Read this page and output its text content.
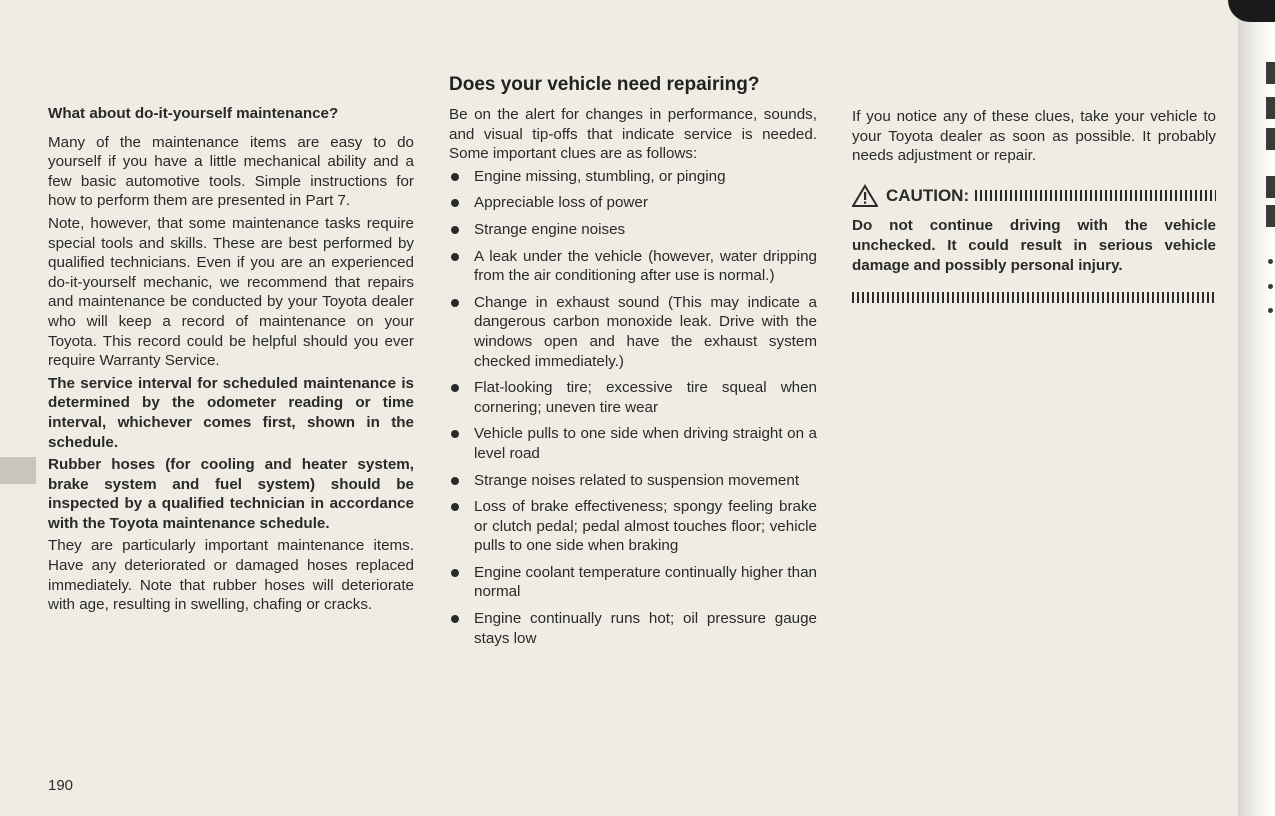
What about do-it-yourself maintenance?

Many of the maintenance items are easy to do yourself if you have a little mechanical ability and a few basic automotive tools. Simple instructions for how to perform them are presented in Part 7.

Note, however, that some maintenance tasks require special tools and skills. These are best performed by qualified technicians. Even if you are an experienced do-it-yourself mechanic, we recommend that repairs and maintenance be conducted by your Toyota dealer who will keep a record of maintenance on your Toyota. This record could be helpful should you ever require Warranty Service.

The service interval for scheduled maintenance is determined by the odometer reading or time interval, whichever comes first, shown in the schedule.

Rubber hoses (for cooling and heater system, brake system and fuel system) should be inspected by a qualified technician in accordance with the Toyota maintenance schedule.

They are particularly important maintenance items. Have any deteriorated or damaged hoses replaced immediately. Note that rubber hoses will deteriorate with age, resulting in swelling, chafing or cracks.

Does your vehicle need repairing?

Be on the alert for changes in performance, sounds, and visual tip-offs that indicate service is needed. Some important clues are as follows:

Engine missing, stumbling, or pinging
Appreciable loss of power
Strange engine noises
A leak under the vehicle (however, water dripping from the air conditioning after use is normal.)
Change in exhaust sound (This may indicate a dangerous carbon monoxide leak. Drive with the windows open and have the exhaust system checked immediately.)
Flat-looking tire; excessive tire squeal when cornering; uneven tire wear
Vehicle pulls to one side when driving straight on a level road
Strange noises related to suspension movement
Loss of brake effectiveness; spongy feeling brake or clutch pedal; pedal almost touches floor; vehicle pulls to one side when braking
Engine coolant temperature continually higher than normal
Engine continually runs hot; oil pressure gauge stays low

If you notice any of these clues, take your vehicle to your Toyota dealer as soon as possible. It probably needs adjustment or repair.

CAUTION:
Do not continue driving with the vehicle unchecked. It could result in serious vehicle damage and possibly personal injury.
190
